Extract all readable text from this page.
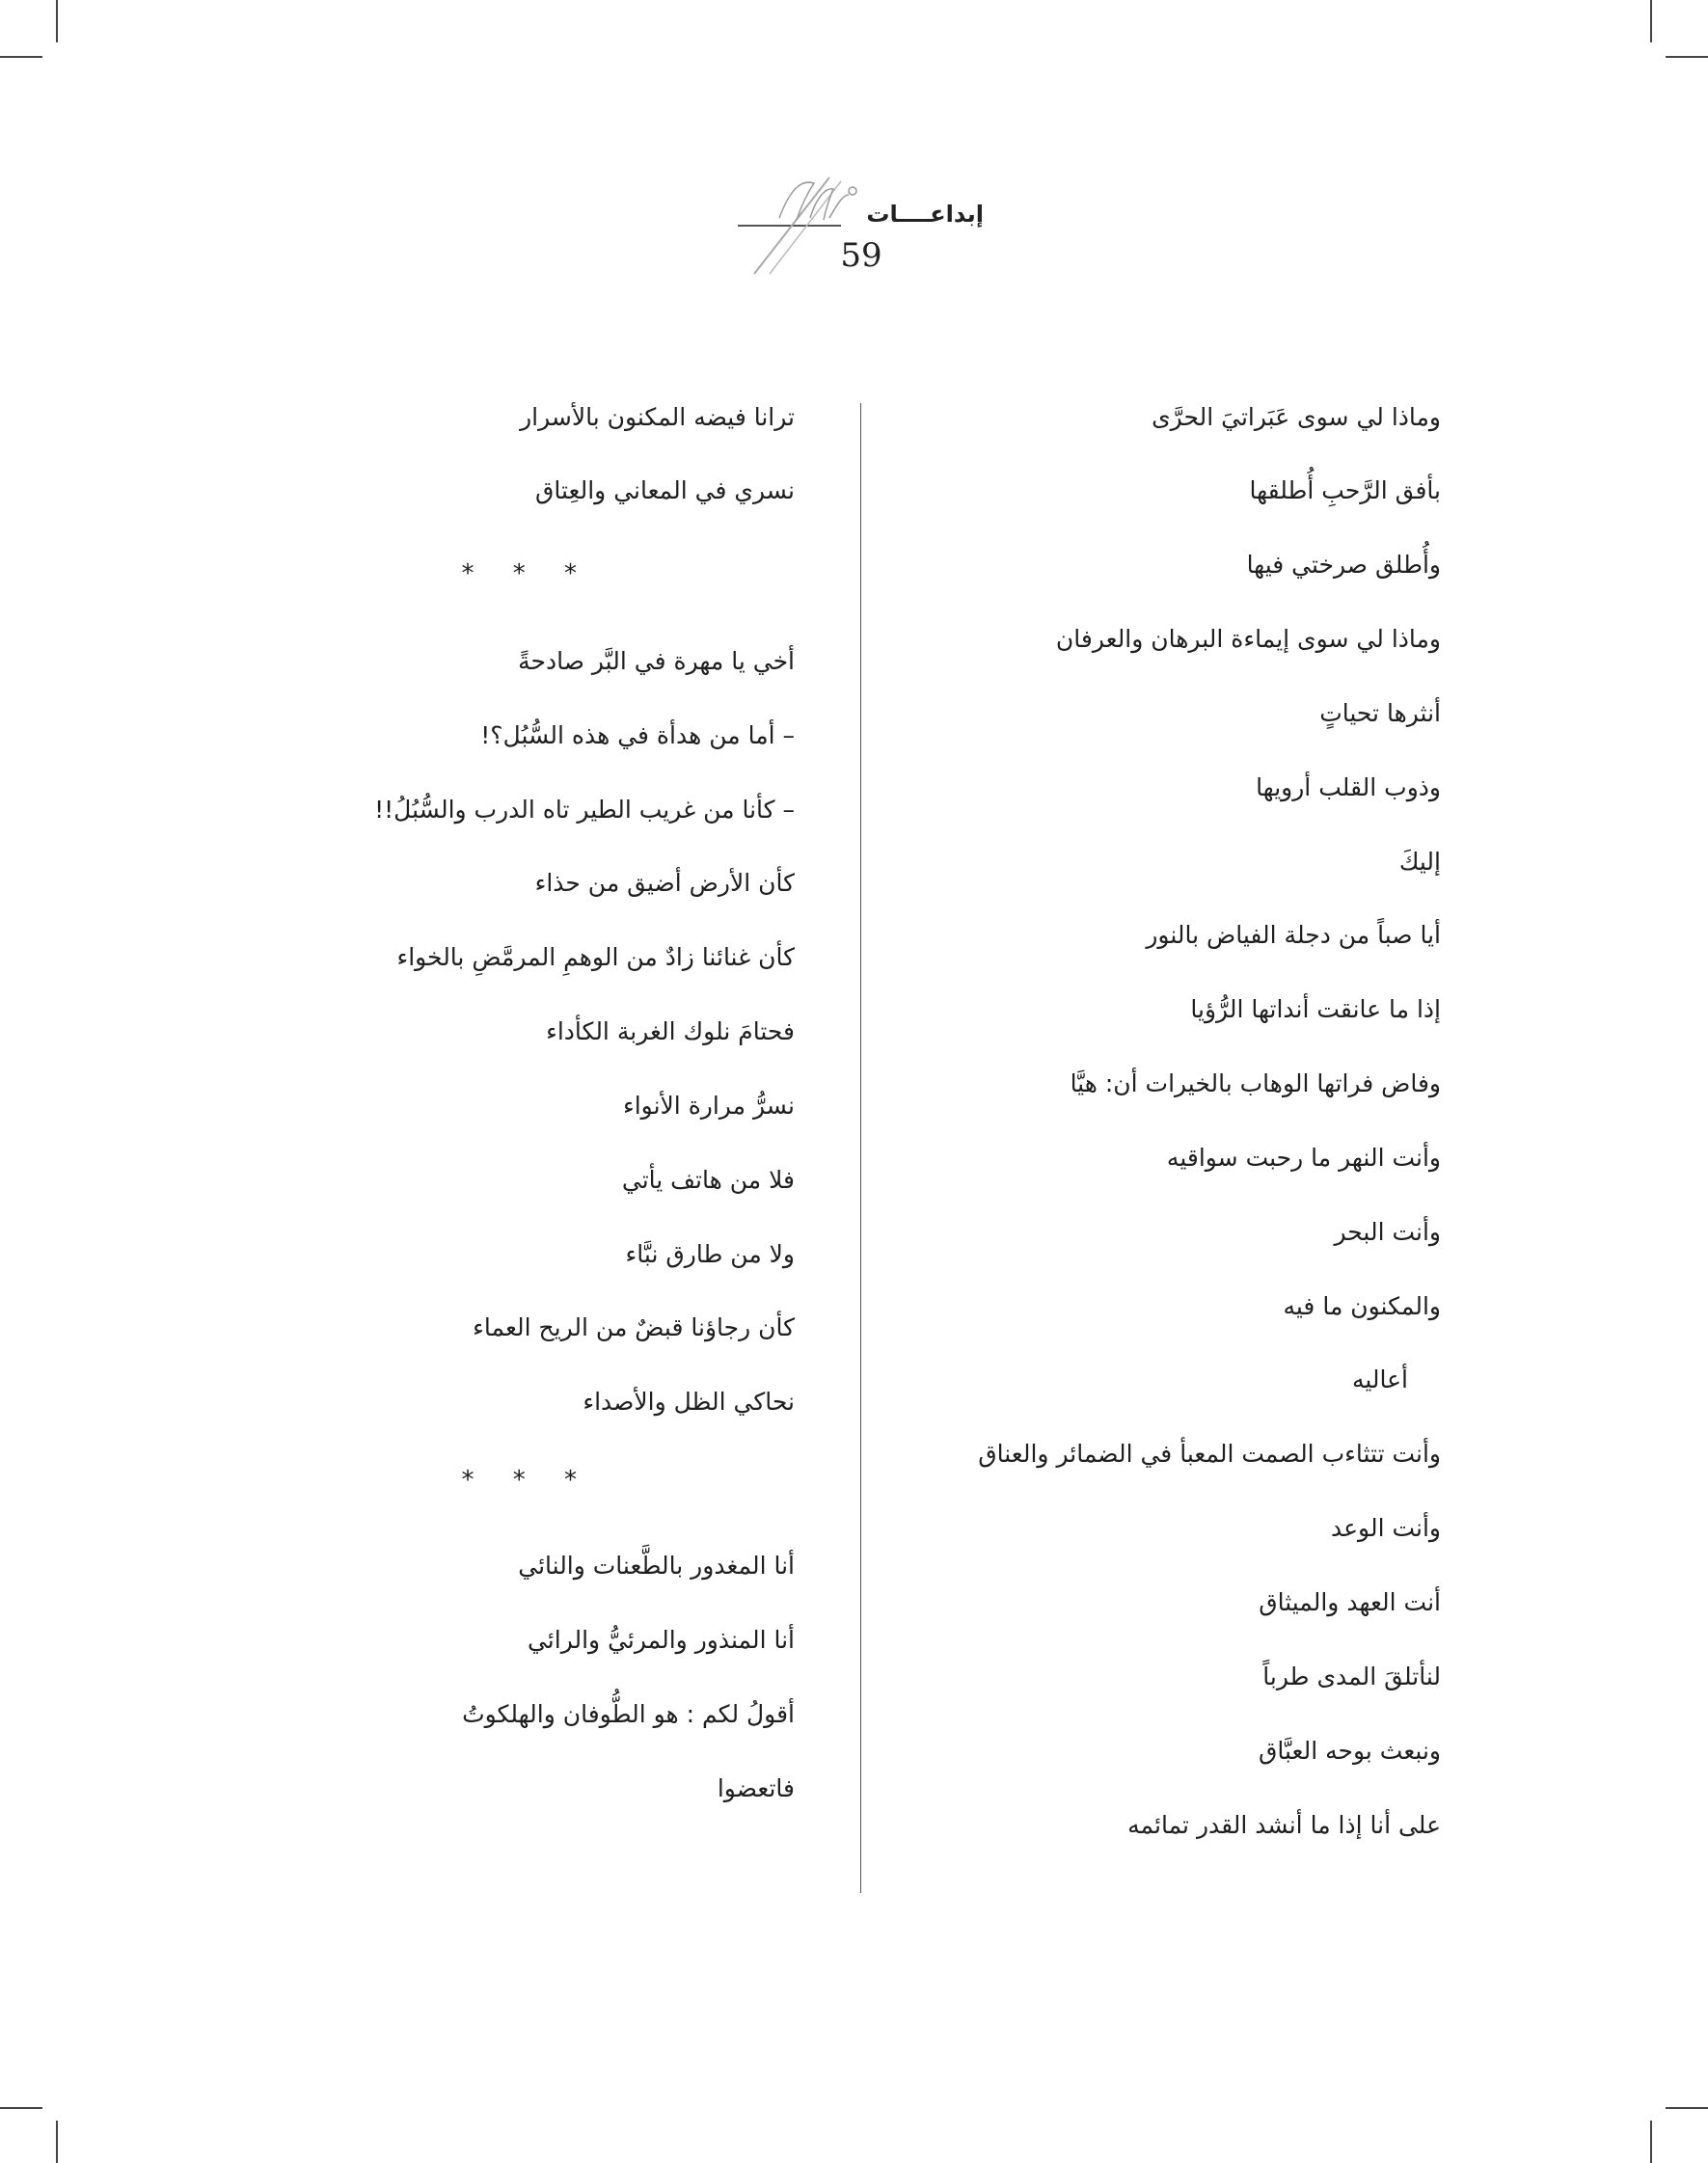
إبداعــــات
59
وماذا لي سوى عَبَراتيَ الحرَّى
بأفق الرَّحبِ أُطلقها
وأُطلق صرختي فيها
وماذا لي سوى إيماءة البرهان والعرفان
أنثرها تحياتٍ
وذوب القلب أرويها
إليكَ
أيا صباً من دجلة الفياض بالنور
إذا ما عانقت أنداتها الرُّؤيا
وفاض فراتها الوهاب بالخيرات أن: هيَّا
وأنت النهر ما رحبت سواقيه
وأنت البحر
والمكنون ما فيه
أعاليه
وأنت تتثاءب الصمت المعبأ في الضمائر والعناق
وأنت الوعد
أنت العهد والميثاق
لنأتلقَ المدى طرباً
ونبعث بوحه العبَّاق
على أنا إذا ما أنشد القدر تمائمه
ترانا فيضه المكنون بالأسرار
نسري في المعاني والعِتاق
* * *
أخي يا مهرة في البَّر صادحةً
– أما من هدأة في هذه السُّبُل؟!
– كأنا من غريب الطير تاه الدرب والسُّبُلُ!!
كأن الأرض أضيق من حذاء
كأن غنائنا زادٌ من الوهمِ المرمَّضِ بالخواء
فحتامَ نلوك الغربة الكأداء
نسرُّ مرارة الأنواء
فلا من هاتف يأتي
ولا من طارق نبَّاء
كأن رجاؤنا قبضٌ من الريح العماء
نحاكي الظل والأصداء
* * *
أنا المغدور بالطَّعنات والنائي
أنا المنذور والمرئيُّ والرائي
أقولُ لكم : هو الطُّوفان والهلكوتُ
فاتعضوا
